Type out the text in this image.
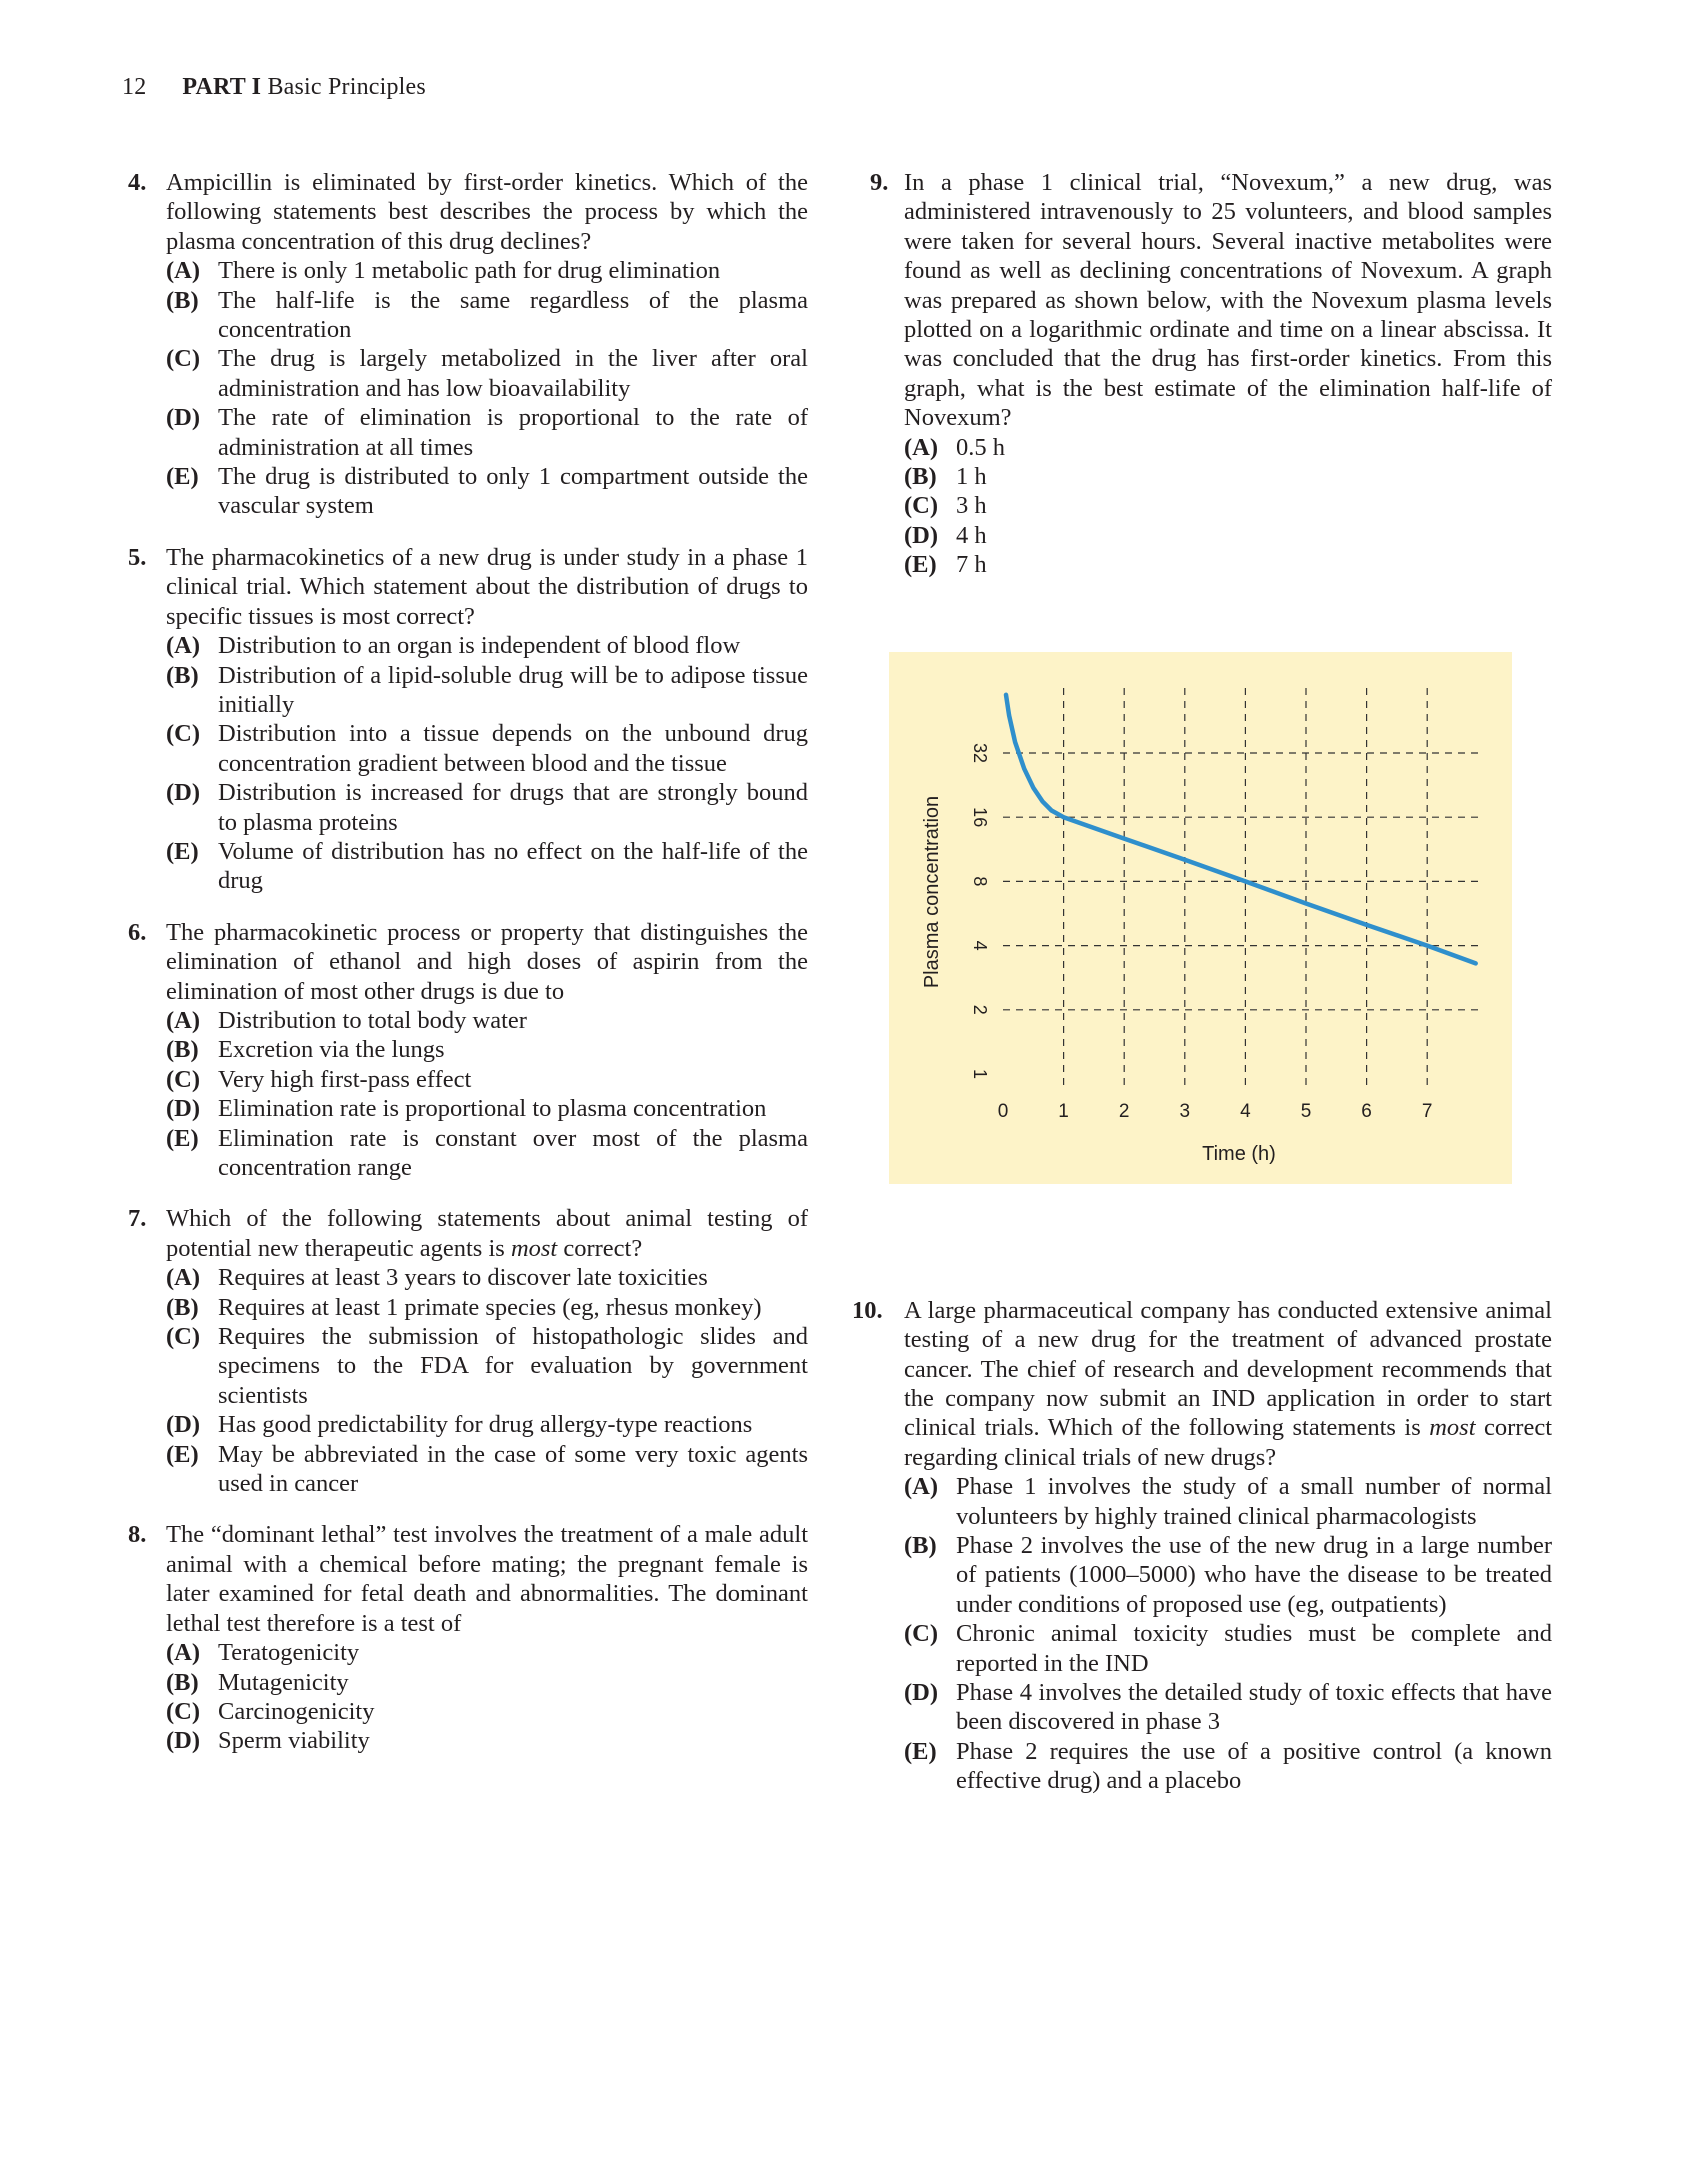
12 PART I Basic Principles
4. Ampicillin is eliminated by first-order kinetics. Which of the following statements best describes the process by which the plasma concentration of this drug declines?
(A) There is only 1 metabolic path for drug elimination
(B) The half-life is the same regardless of the plasma concentration
(C) The drug is largely metabolized in the liver after oral administration and has low bioavailability
(D) The rate of elimination is proportional to the rate of administration at all times
(E) The drug is distributed to only 1 compartment outside the vascular system
5. The pharmacokinetics of a new drug is under study in a phase 1 clinical trial. Which statement about the distribution of drugs to specific tissues is most correct?
(A) Distribution to an organ is independent of blood flow
(B) Distribution of a lipid-soluble drug will be to adipose tissue initially
(C) Distribution into a tissue depends on the unbound drug concentration gradient between blood and the tissue
(D) Distribution is increased for drugs that are strongly bound to plasma proteins
(E) Volume of distribution has no effect on the half-life of the drug
6. The pharmacokinetic process or property that distinguishes the elimination of ethanol and high doses of aspirin from the elimination of most other drugs is due to
(A) Distribution to total body water
(B) Excretion via the lungs
(C) Very high first-pass effect
(D) Elimination rate is proportional to plasma concentration
(E) Elimination rate is constant over most of the plasma concentration range
7. Which of the following statements about animal testing of potential new therapeutic agents is most correct?
(A) Requires at least 3 years to discover late toxicities
(B) Requires at least 1 primate species (eg, rhesus monkey)
(C) Requires the submission of histopathologic slides and specimens to the FDA for evaluation by government scientists
(D) Has good predictability for drug allergy-type reactions
(E) May be abbreviated in the case of some very toxic agents used in cancer
8. The “dominant lethal” test involves the treatment of a male adult animal with a chemical before mating; the pregnant female is later examined for fetal death and abnormalities. The dominant lethal test therefore is a test of
(A) Teratogenicity
(B) Mutagenicity
(C) Carcinogenicity
(D) Sperm viability
9. In a phase 1 clinical trial, “Novexum,” a new drug, was administered intravenously to 25 volunteers, and blood samples were taken for several hours. Several inactive metabolites were found as well as declining concentrations of Novexum. A graph was prepared as shown below, with the Novexum plasma levels plotted on a logarithmic ordinate and time on a linear abscissa. It was concluded that the drug has first-order kinetics. From this graph, what is the best estimate of the elimination half-life of Novexum?
(A) 0.5 h
(B) 1 h
(C) 3 h
(D) 4 h
(E) 7 h
10. A large pharmaceutical company has conducted extensive animal testing of a new drug for the treatment of advanced prostate cancer. The chief of research and development recommends that the company now submit an IND application in order to start clinical trials. Which of the following statements is most correct regarding clinical trials of new drugs?
(A) Phase 1 involves the study of a small number of normal volunteers by highly trained clinical pharmacologists
(B) Phase 2 involves the use of the new drug in a large number of patients (1000–5000) who have the disease to be treated under conditions of proposed use (eg, outpatients)
(C) Chronic animal toxicity studies must be complete and reported in the IND
(D) Phase 4 involves the detailed study of toxic effects that have been discovered in phase 3
(E) Phase 2 requires the use of a positive control (a known effective drug) and a placebo
1
2
4
8
16
32
0	1	2	3	4	5	6	7
Time (h)
Plasma concentration
